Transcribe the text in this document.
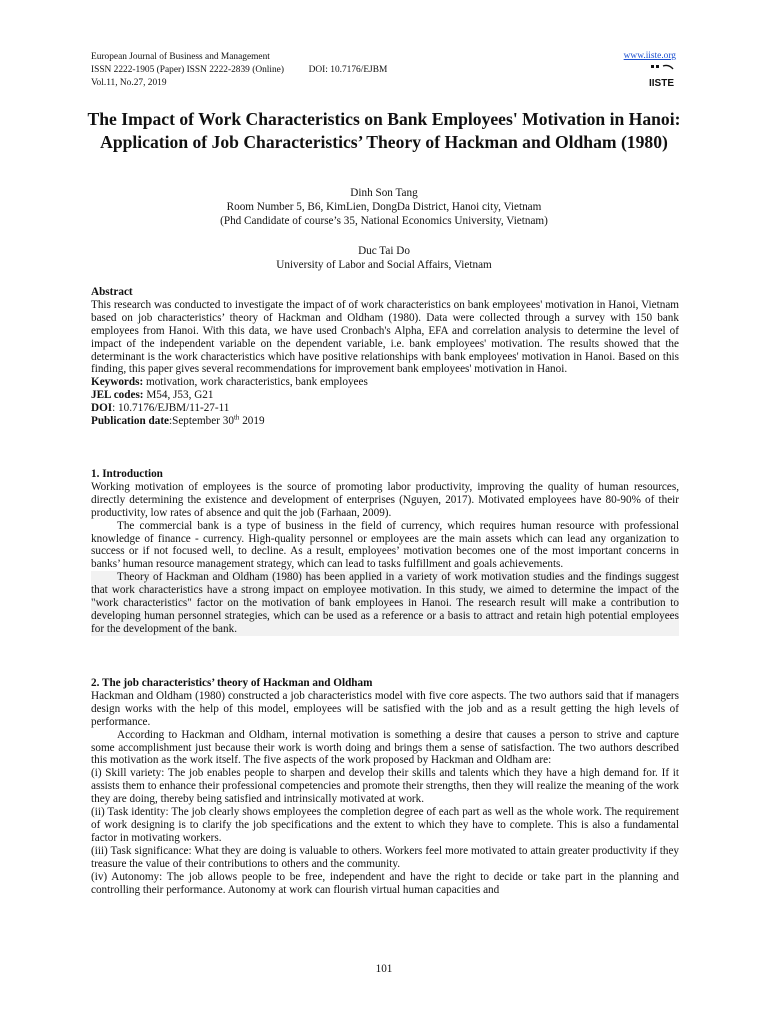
European Journal of Business and Management
ISSN 2222-1905 (Paper) ISSN 2222-2839 (Online)	DOI: 10.7176/EJBM
Vol.11, No.27, 2019
www.iiste.org
IISTE
The Impact of Work Characteristics on Bank Employees' Motivation in Hanoi: Application of Job Characteristics’ Theory of Hackman and Oldham (1980)
Dinh Son Tang
Room Number 5, B6, KimLien, DongDa District, Hanoi city, Vietnam
(Phd Candidate of course’s 35, National Economics University, Vietnam)
Duc Tai Do
University of Labor and Social Affairs, Vietnam

Abstract

This research was conducted to investigate the impact of of work characteristics on bank employees' motivation in Hanoi, Vietnam based on job characteristics’ theory of Hackman and Oldham (1980). Data were collected through a survey with 150 bank employees from Hanoi. With this data, we have used Cronbach's Alpha, EFA and correlation analysis to determine the level of impact of the independent variable on the dependent variable, i.e. bank employees' motivation. The results showed that the determinant is the work characteristics which have positive relationships with bank employees' motivation in Hanoi. Based on this finding, this paper gives several recommendations for improvement bank employees' motivation in Hanoi.

Keywords: motivation, work characteristics, bank employees

JEL codes: M54, J53, G21

DOI: 10.7176/EJBM/11-27-11

Publication date:September 30th 2019

1. Introduction

Working motivation of employees is the source of promoting labor productivity, improving the quality of human resources, directly determining the existence and development of enterprises (Nguyen, 2017). Motivated employees have 80-90% of their productivity, low rates of absence and quit the job (Farhaan, 2009).

The commercial bank is a type of business in the field of currency, which requires human resource with professional knowledge of finance - currency. High-quality personnel or employees are the main assets which can lead any organization to success or if not focused well, to decline. As a result, employees’ motivation becomes one of the most important concerns in banks’ human resource management strategy, which can lead to tasks fulfillment and goals achievements.

Theory of Hackman and Oldham (1980) has been applied in a variety of work motivation studies and the findings suggest that work characteristics have a strong impact on employee motivation. In this study, we aimed to determine the impact of the "work characteristics" factor on the motivation of bank employees in Hanoi. The research result will make a contribution to developing human personnel strategies, which can be used as a reference or a basis to attract and retain high potential employees for the development of the bank.

2. The job characteristics’ theory of Hackman and Oldham

Hackman and Oldham (1980) constructed a job characteristics model with five core aspects. The two authors said that if managers design works with the help of this model, employees will be satisfied with the job and as a result getting the high levels of performance.

According to Hackman and Oldham, internal motivation is something a desire that causes a person to strive and capture some accomplishment just because their work is worth doing and brings them a sense of satisfaction. The two authors described this motivation as the work itself. The five aspects of the work proposed by Hackman and Oldham are:

(i) Skill variety: The job enables people to sharpen and develop their skills and talents which they have a high demand for. If it assists them to enhance their professional competencies and promote their strengths, then they will realize the meaning of the work they are doing, thereby being satisfied and intrinsically motivated at work.

(ii) Task identity: The job clearly shows employees the completion degree of each part as well as the whole work. The requirement of work designing is to clarify the job specifications and the extent to which they have to complete. This is also a fundamental factor in motivating workers.

(iii) Task significance: What they are doing is valuable to others. Workers feel more motivated to attain greater productivity if they treasure the value of their contributions to others and the community.

(iv) Autonomy: The job allows people to be free, independent and have the right to decide or take part in the planning and controlling their performance. Autonomy at work can flourish virtual human capacities and

101
